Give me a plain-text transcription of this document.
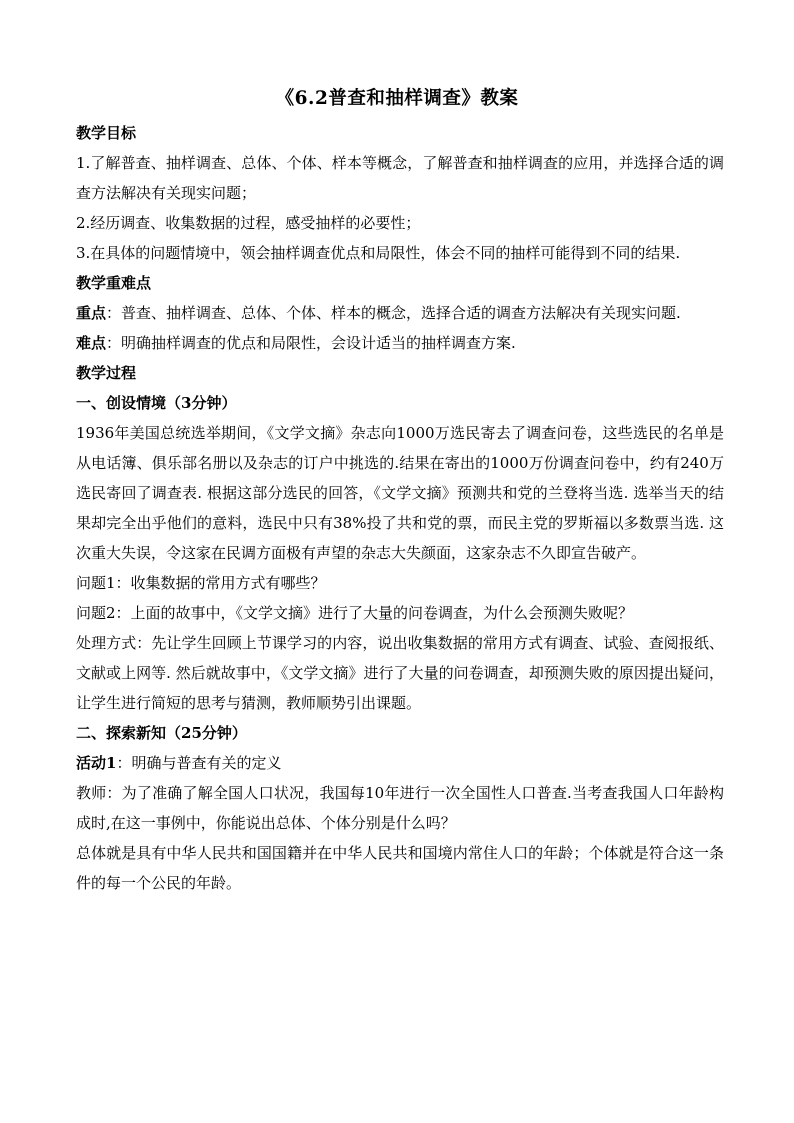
《6.2普查和抽样调查》教案

教学目标

1.了解普查、抽样调查、总体、个体、样本等概念，了解普查和抽样调查的应用，并选择合适的调查方法解决有关现实问题；

2.经历调查、收集数据的过程，感受抽样的必要性；

3.在具体的问题情境中，领会抽样调查优点和局限性，体会不同的抽样可能得到不同的结果.

教学重难点

重点：普查、抽样调查、总体、个体、样本的概念，选择合适的调查方法解决有关现实问题.

难点：明确抽样调查的优点和局限性，会设计适当的抽样调查方案.

教学过程

一、创设情境（3分钟）

1936年美国总统选举期间，《文学文摘》杂志向1000万选民寄去了调查问卷，这些选民的名单是从电话簿、俱乐部名册以及杂志的订户中挑选的.结果在寄出的1000万份调查问卷中，约有240万选民寄回了调查表. 根据这部分选民的回答，《文学文摘》预测共和党的兰登将当选. 选举当天的结果却完全出乎他们的意料，选民中只有38%投了共和党的票，而民主党的罗斯福以多数票当选. 这次重大失误，令这家在民调方面极有声望的杂志大失颜面，这家杂志不久即宣告破产。

问题1：收集数据的常用方式有哪些？

问题2：上面的故事中，《文学文摘》进行了大量的问卷调查，为什么会预测失败呢？

处理方式：先让学生回顾上节课学习的内容，说出收集数据的常用方式有调查、试验、查阅报纸、文献或上网等. 然后就故事中，《文学文摘》进行了大量的问卷调查，却预测失败的原因提出疑问，让学生进行简短的思考与猜测，教师顺势引出课题。

二、探索新知（25分钟）

活动1：明确与普查有关的定义

教师：为了准确了解全国人口状况，我国每10年进行一次全国性人口普查.当考查我国人口年龄构成时,在这一事例中，你能说出总体、个体分别是什么吗？

总体就是具有中华人民共和国国籍并在中华人民共和国境内常住人口的年龄；个体就是符合这一条件的每一个公民的年龄。
